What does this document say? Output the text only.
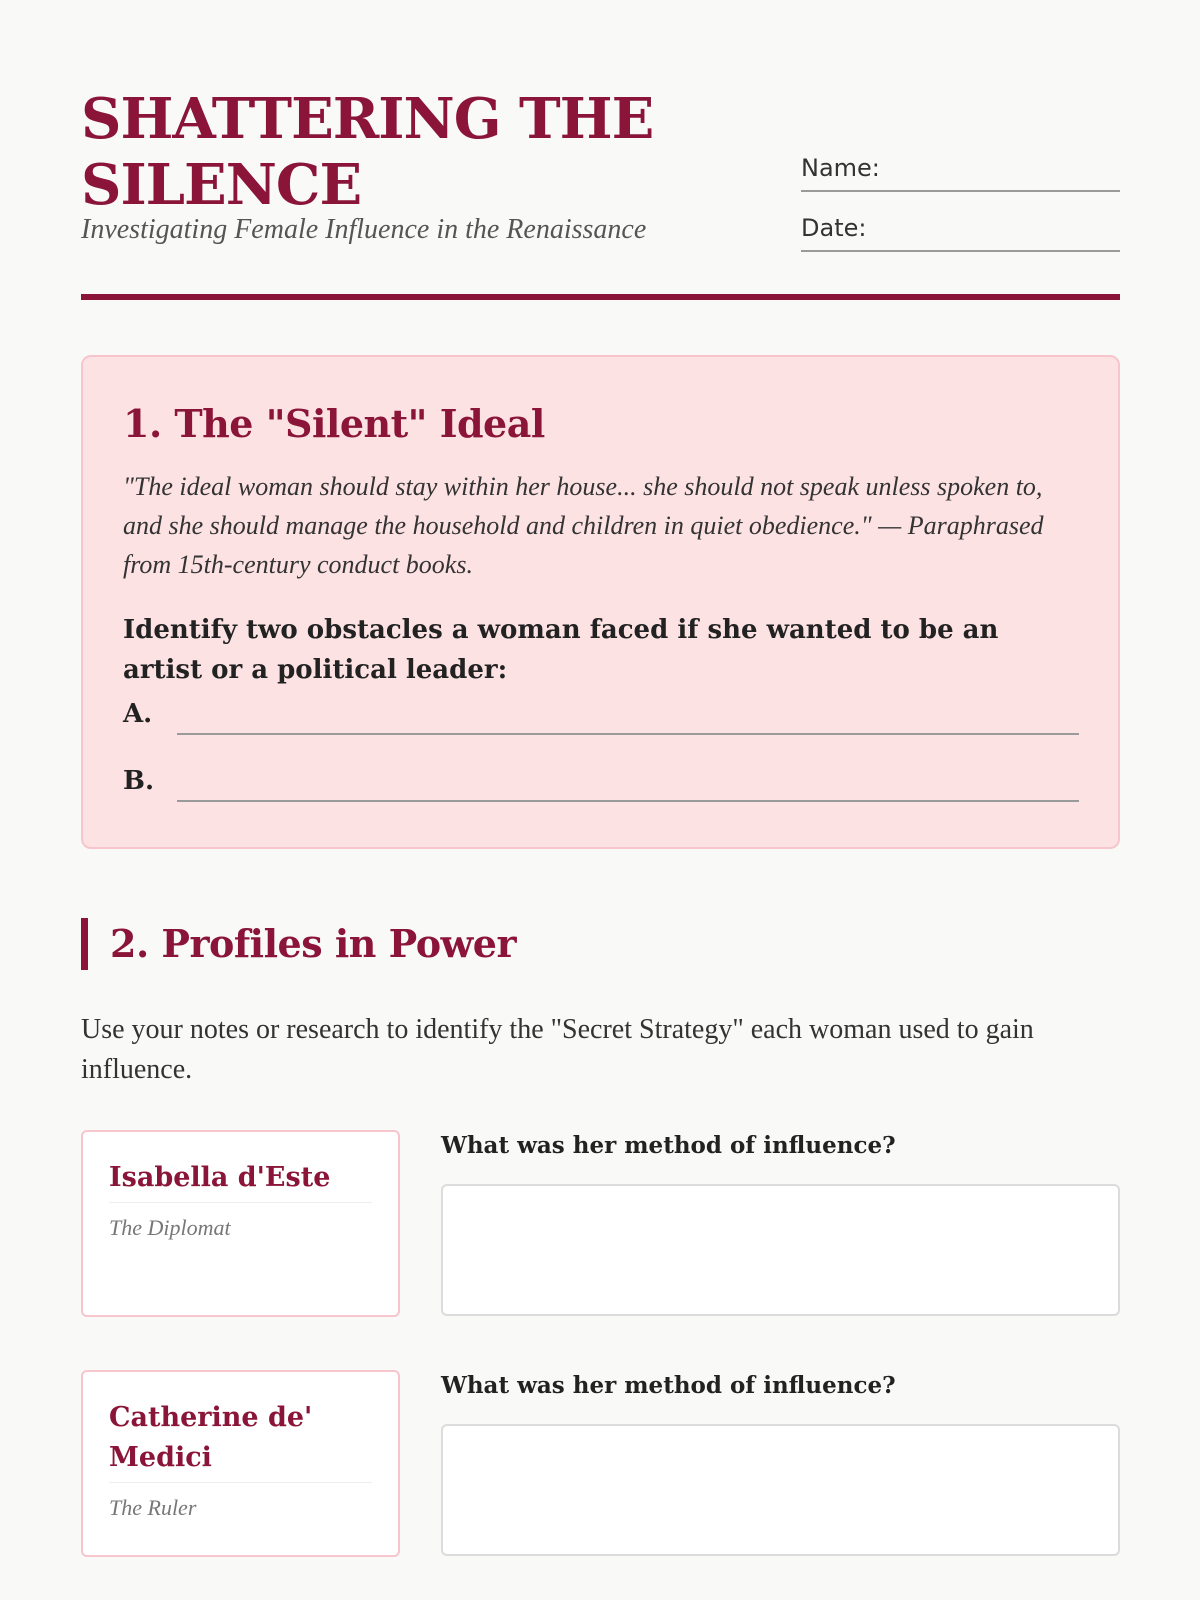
SHATTERING THE SILENCE
Investigating Female Influence in the Renaissance
Name:
Date:
1. The "Silent" Ideal

"The ideal woman should stay within her house... she should not speak unless spoken to, and she should manage the household and children in quiet obedience." — Paraphrased from 15th-century conduct books.

Identify two obstacles a woman faced if she wanted to be an artist or a political leader:

A.
B.
2. Profiles in Power

Use your notes or research to identify the "Secret Strategy" each woman used to gain influence.

Isabella d'Este
The Diplomat
What was her method of influence?
Catherine de' Medici
The Ruler
What was her method of influence?
